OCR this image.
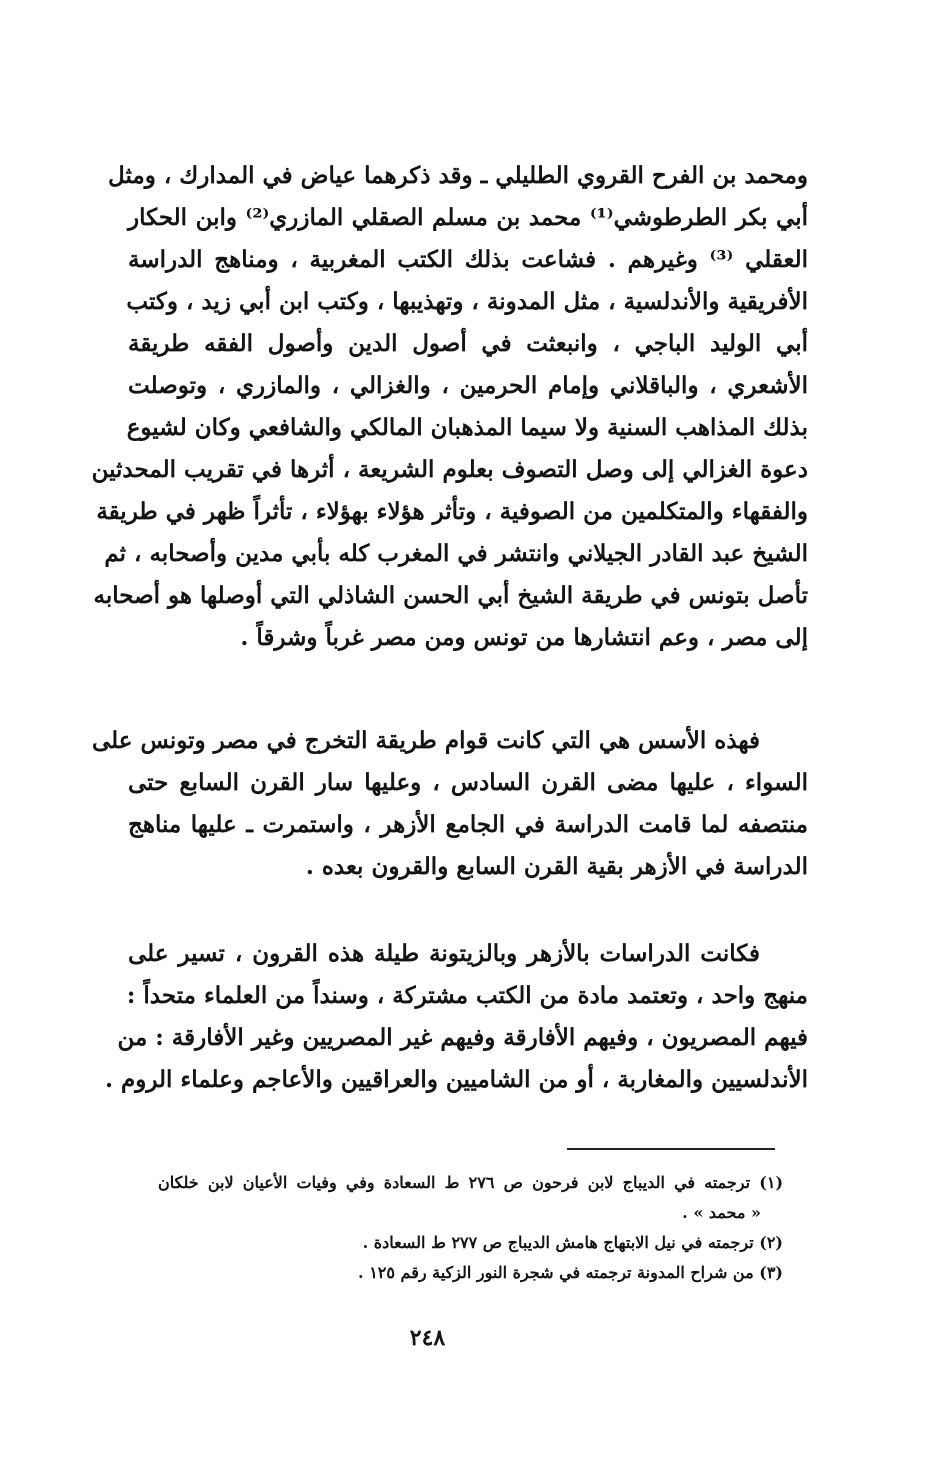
ومحمد بن الفرح القروي الطليلي ـ وقد ذكرهما عياض في المدارك ، ومثل
أبي بكر الطرطوشي⁽¹⁾ محمد بن مسلم الصقلي المازري⁽²⁾ وابن الحكار
العقلي ⁽³⁾ وغيرهم . فشاعت بذلك الكتب المغربية ، ومناهج الدراسة
الأفريقية والأندلسية ، مثل المدونة ، وتهذيبها ، وكتب ابن أبي زيد ، وكتب
أبي الوليد الباجي ، وانبعثت في أصول الدين وأصول الفقه طريقة
الأشعري ، والباقلاني وإمام الحرمين ، والغزالي ، والمازري ، وتوصلت
بذلك المذاهب السنية ولا سيما المذهبان المالكي والشافعي وكان لشيوع
دعوة الغزالي إلى وصل التصوف بعلوم الشريعة ، أثرها في تقريب المحدثين
والفقهاء والمتكلمين من الصوفية ، وتأثر هؤلاء بهؤلاء ، تأثراً ظهر في طريقة
الشيخ عبد القادر الجيلاني وانتشر في المغرب كله بأبي مدين وأصحابه ، ثم
تأصل بتونس في طريقة الشيخ أبي الحسن الشاذلي التي أوصلها هو أصحابه
إلى مصر ، وعم انتشارها من تونس ومن مصر غرباً وشرقاً .
فهذه الأسس هي التي كانت قوام طريقة التخرج في مصر وتونس على
السواء ، عليها مضى القرن السادس ، وعليها سار القرن السابع حتى
منتصفه لما قامت الدراسة في الجامع الأزهر ، واستمرت ـ عليها مناهج
الدراسة في الأزهر بقية القرن السابع والقرون بعده .
فكانت الدراسات بالأزهر وبالزيتونة طيلة هذه القرون ، تسير على
منهج واحد ، وتعتمد مادة من الكتب مشتركة ، وسنداً من العلماء متحداً :
فيهم المصريون ، وفيهم الأفارقة وفيهم غير المصريين وغير الأفارقة : من
الأندلسيين والمغاربة ، أو من الشاميين والعراقيين والأعاجم وعلماء الروم .
(١) ترجمته في الديباج لابن فرحون ص ٢٧٦ ط السعادة وفي وفيات الأعيان لابن خلكان
« محمد » .
(٢) ترجمته في نيل الابتهاج هامش الديباج ص ٢٧٧ ط السعادة .
(٣) من شراح المدونة ترجمته في شجرة النور الزكية رقم ١٢٥ .
٢٤٨
